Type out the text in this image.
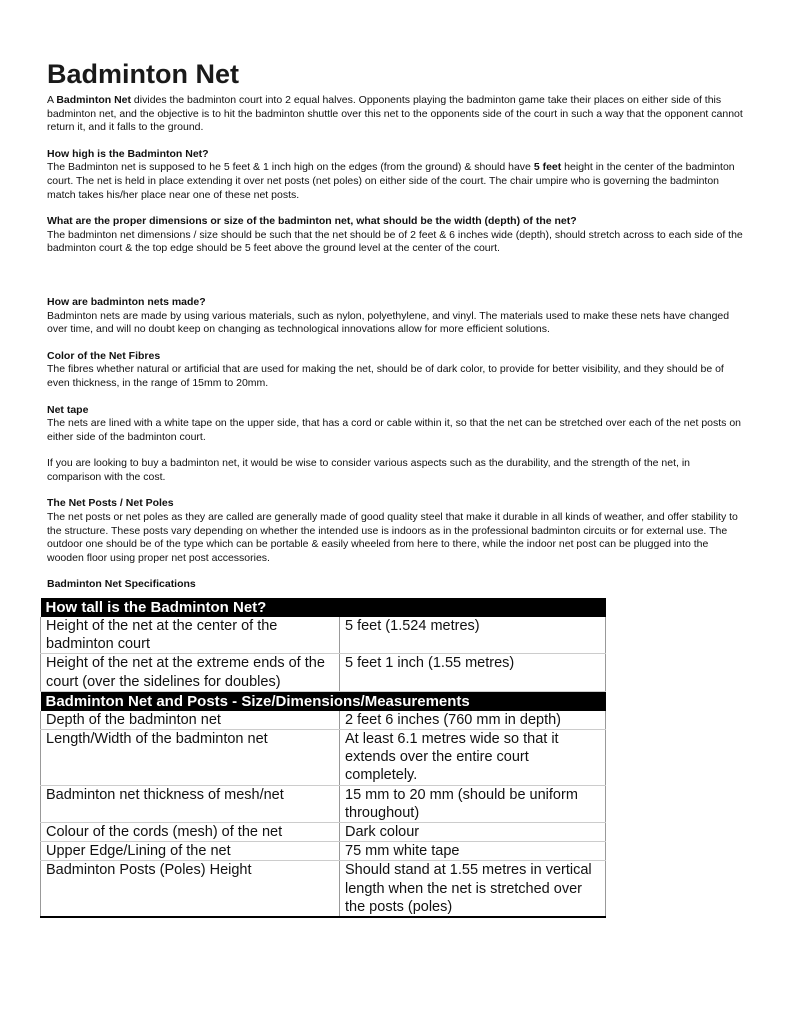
Badminton Net

A Badminton Net divides the badminton court into 2 equal halves. Opponents playing the badminton game take their places on either side of this badminton net, and the objective is to hit the badminton shuttle over this net to the opponents side of the court in such a way that the opponent cannot return it, and it falls to the ground.

How high is the Badminton Net?

The Badminton net is supposed to he 5 feet & 1 inch high on the edges (from the ground) & should have 5 feet height in the center of the badminton court. The net is held in place extending it over net posts (net poles) on either side of the court. The chair umpire who is governing the badminton match takes his/her place near one of these net posts.

What are the proper dimensions or size of the badminton net, what should be the width (depth) of the net?

The badminton net dimensions / size should be such that the net should be of 2 feet & 6 inches wide (depth), should stretch across to each side of the badminton court & the top edge should be 5 feet above the ground level at the center of the court.

How are badminton nets made?

Badminton nets are made by using various materials, such as nylon, polyethylene, and vinyl. The materials used to make these nets have changed over time, and will no doubt keep on changing as technological innovations allow for more efficient solutions.

Color of the Net Fibres

The fibres whether natural or artificial that are used for making the net, should be of dark color, to provide for better visibility, and they should be of even thickness, in the range of 15mm to 20mm.

Net tape

The nets are lined with a white tape on the upper side, that has a cord or cable within it, so that the net can be stretched over each of the net posts on either side of the badminton court.

If you are looking to buy a badminton net, it would be wise to consider various aspects such as the durability, and the strength of the net, in comparison with the cost.

The Net Posts / Net Poles

The net posts or net poles as they are called are generally made of good quality steel that make it durable in all kinds of weather, and offer stability to the structure. These posts vary depending on whether the intended use is indoors as in the professional badminton circuits or for external use. The outdoor one should be of the type which can be portable & easily wheeled from here to there, while the indoor net post can be plugged into the wooden floor using proper net post accessories.

Badminton Net Specifications

How tall is the Badminton Net?	
Height of the net at the center of the badminton court	5 feet (1.524 metres)
Height of the net at the extreme ends of the court (over the sidelines for doubles)	5 feet 1 inch (1.55 metres)
Badminton Net and Posts - Size/Dimensions/Measurements	
Depth of the badminton net	2 feet 6 inches (760 mm in depth)
Length/Width of the badminton net	At least 6.1 metres wide so that it extends over the entire court completely.
Badminton net thickness of mesh/net	15 mm to 20 mm (should be uniform throughout)
Colour of the cords (mesh) of the net	Dark colour
Upper Edge/Lining of the net	75 mm white tape
Badminton Posts (Poles) Height	Should stand at 1.55 metres in vertical length when the net is stretched over the posts (poles)
